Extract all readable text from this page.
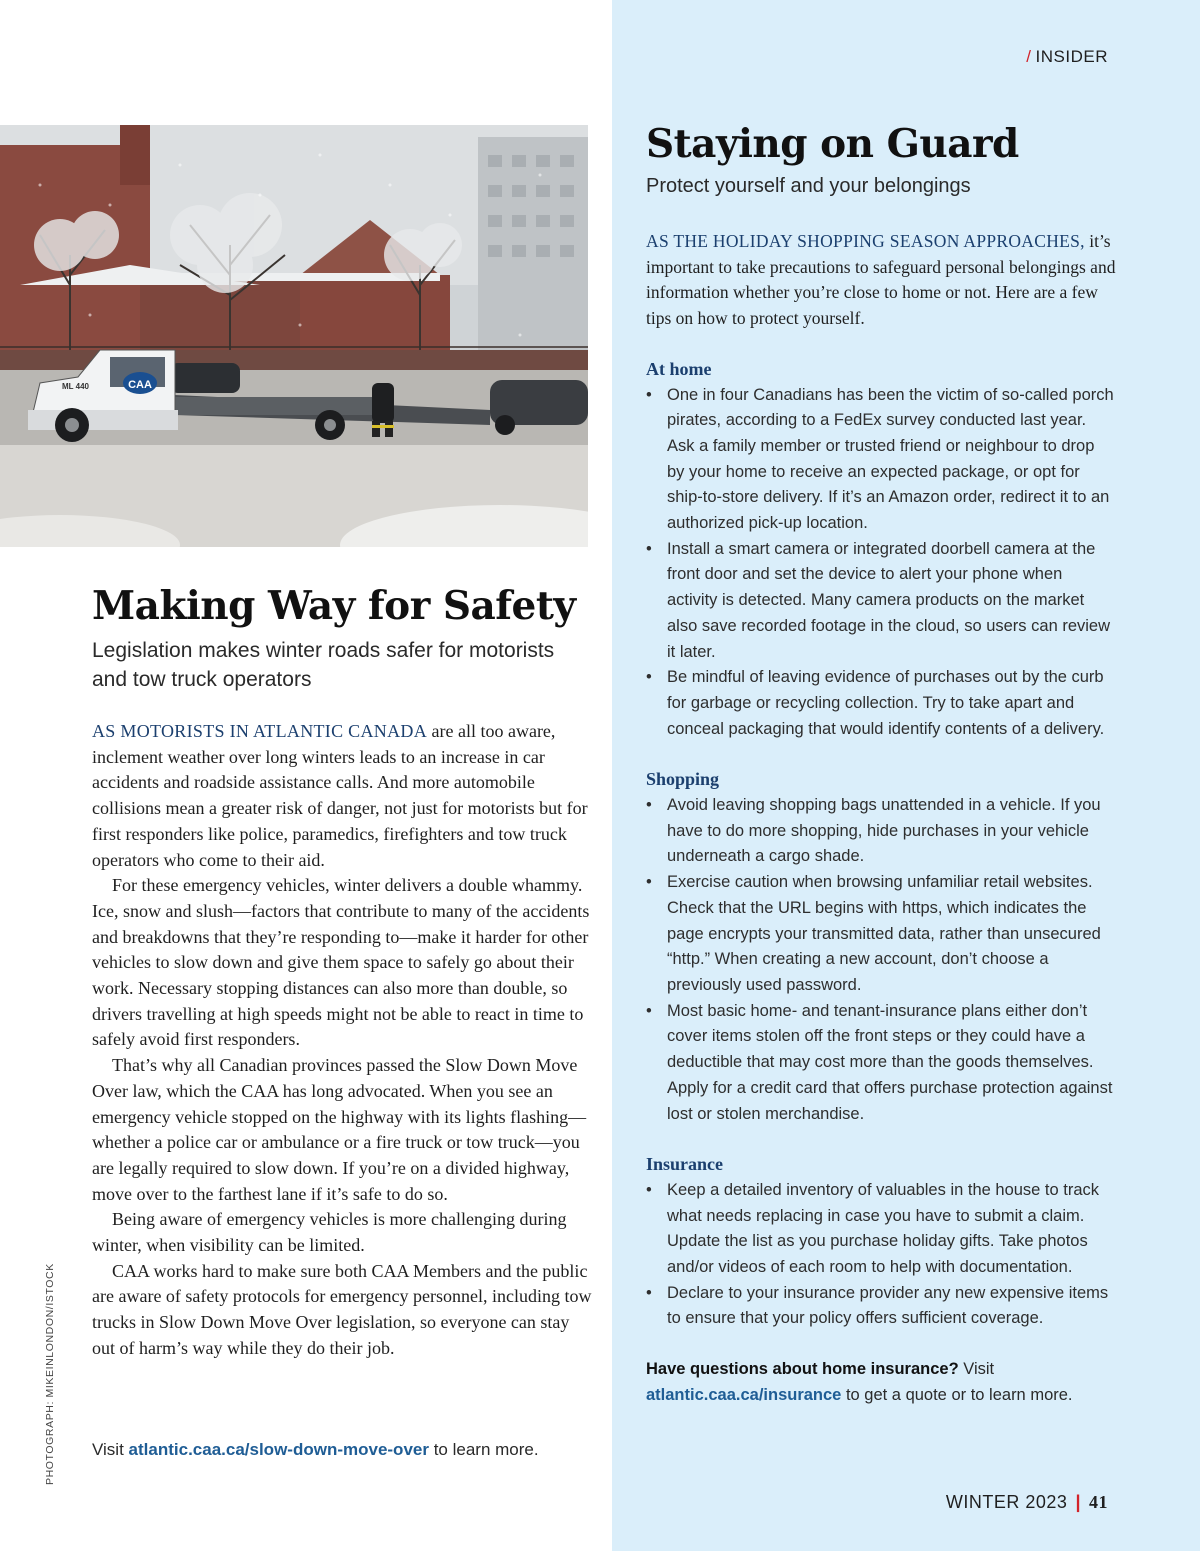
/ INSIDER
CAA
ML 440
PHOTOGRAPH: MIKEINLONDON/ISTOCK
Making Way for Safety
Legislation makes winter roads safer for motorists and tow truck operators

AS MOTORISTS IN ATLANTIC CANADA are all too aware, inclement weather over long winters leads to an increase in car accidents and roadside assistance calls. And more automobile collisions mean a greater risk of danger, not just for motorists but for first responders like police, paramedics, firefighters and tow truck operators who come to their aid.

For these emergency vehicles, winter delivers a double whammy. Ice, snow and slush—factors that contribute to many of the accidents and breakdowns that they’re responding to—make it harder for other vehicles to slow down and give them space to safely go about their work. Necessary stopping distances can also more than double, so drivers travelling at high speeds might not be able to react in time to safely avoid first responders.

That’s why all Canadian provinces passed the Slow Down Move Over law, which the CAA has long advocated. When you see an emergency vehicle stopped on the highway with its lights flashing—whether a police car or ambulance or a fire truck or tow truck—you are legally required to slow down. If you’re on a divided highway, move over to the farthest lane if it’s safe to do so.

Being aware of emergency vehicles is more challenging during winter, when visibility can be limited.

CAA works hard to make sure both CAA Members and the public are aware of safety protocols for emergency personnel, including tow trucks in Slow Down Move Over legislation, so everyone can stay out of harm’s way while they do their job.

Visit atlantic.caa.ca/slow-down-move-over to learn more.
Staying on Guard
Protect yourself and your belongings
AS THE HOLIDAY SHOPPING SEASON APPROACHES, it’s important to take precautions to safeguard personal belongings and information whether you’re close to home or not. Here are a few tips on how to protect yourself.
At home
• One in four Canadians has been the victim of so-called porch pirates, according to a FedEx survey conducted last year. Ask a family member or trusted friend or neighbour to drop by your home to receive an expected package, or opt for ship-to-store delivery. If it’s an Amazon order, redirect it to an authorized pick-up location.
• Install a smart camera or integrated doorbell camera at the front door and set the device to alert your phone when activity is detected. Many camera products on the market also save recorded footage in the cloud, so users can review it later.
• Be mindful of leaving evidence of purchases out by the curb for garbage or recycling collection. Try to take apart and conceal packaging that would identify contents of a delivery.
Shopping
• Avoid leaving shopping bags unattended in a vehicle. If you have to do more shopping, hide purchases in your vehicle underneath a cargo shade.
• Exercise caution when browsing unfamiliar retail websites. Check that the URL begins with https, which indicates the page encrypts your transmitted data, rather than unsecured “http.” When creating a new account, don’t choose a previously used password.
• Most basic home- and tenant-insurance plans either don’t cover items stolen off the front steps or they could have a deductible that may cost more than the goods themselves. Apply for a credit card that offers purchase protection against lost or stolen merchandise.
Insurance
• Keep a detailed inventory of valuables in the house to track what needs replacing in case you have to submit a claim. Update the list as you purchase holiday gifts. Take photos and/or videos of each room to help with documentation.
• Declare to your insurance provider any new expensive items to ensure that your policy offers sufficient coverage.
Have questions about home insurance? Visit atlantic.caa.ca/insurance to get a quote or to learn more.
WINTER 2023 | 41
